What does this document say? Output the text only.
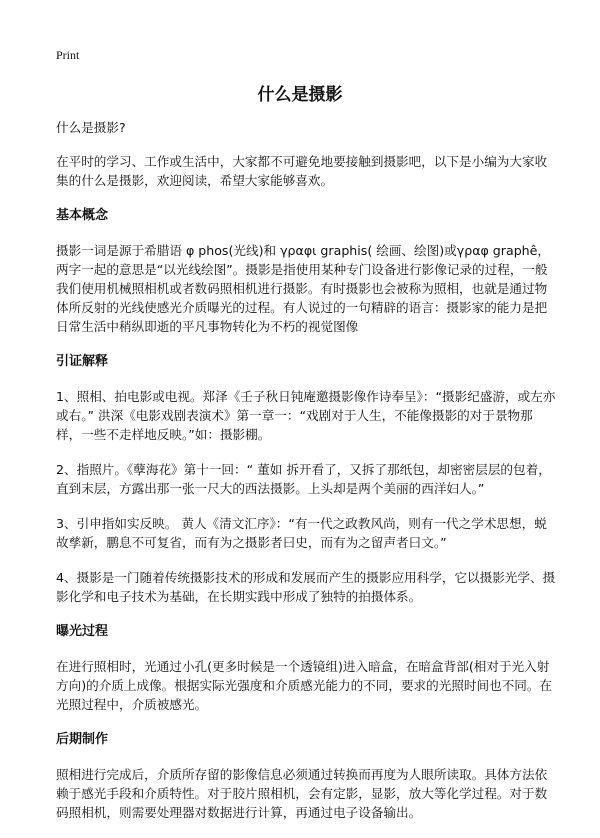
Print
什么是摄影

什么是摄影?

在平时的学习、工作或生活中，大家都不可避免地要接触到摄影吧，以下是小编为大家收集的什么是摄影，欢迎阅读，希望大家能够喜欢。

基本概念

摄影一词是源于希腊语 φ phos(光线)和 γραφι graphis( 绘画、绘图)或γραφ graphê，两字一起的意思是“以光线绘图”。摄影是指使用某种专门设备进行影像记录的过程，一般我们使用机械照相机或者数码照相机进行摄影。有时摄影也会被称为照相，也就是通过物体所反射的光线使感光介质曝光的过程。有人说过的一句精辟的语言：摄影家的能力是把日常生活中稍纵即逝的平凡事物转化为不朽的视觉图像

引证解释

1、照相、拍电影或电视。郑泽《壬子秋日钝庵邀摄影像作诗奉呈》：“摄影纪盛游，或左亦或右。” 洪深《电影戏剧表演术》第一章一：“戏剧对于人生，不能像摄影的对于景物那样，一些不走样地反映。”如：摄影棚。

2、指照片。《孽海花》第十一回：“ 董如 拆开看了，又拆了那纸包，却密密层层的包着，直到末层，方露出那一张一尺大的西法摄影。上头却是两个美丽的西洋妇人。”

3、引申指如实反映。 黄人《清文汇序》：“有一代之政教风尚，则有一代之学术思想，蜕故孳新，鹏息不可复省，而有为之摄影者曰史，而有为之留声者曰文。”

4、摄影是一门随着传统摄影技术的形成和发展而产生的摄影应用科学，它以摄影光学、摄影化学和电子技术为基础，在长期实践中形成了独特的拍摄体系。

曝光过程

在进行照相时，光通过小孔(更多时候是一个透镜组)进入暗盒，在暗盒背部(相对于光入射方向)的介质上成像。根据实际光强度和介质感光能力的不同，要求的光照时间也不同。在光照过程中，介质被感光。

后期制作

照相进行完成后，介质所存留的影像信息必须通过转换而再度为人眼所读取。具体方法依赖于感光手段和介质特性。对于胶片照相机，会有定影，显影，放大等化学过程。对于数码照相机，则需要处理器对数据进行计算，再通过电子设备输出。
